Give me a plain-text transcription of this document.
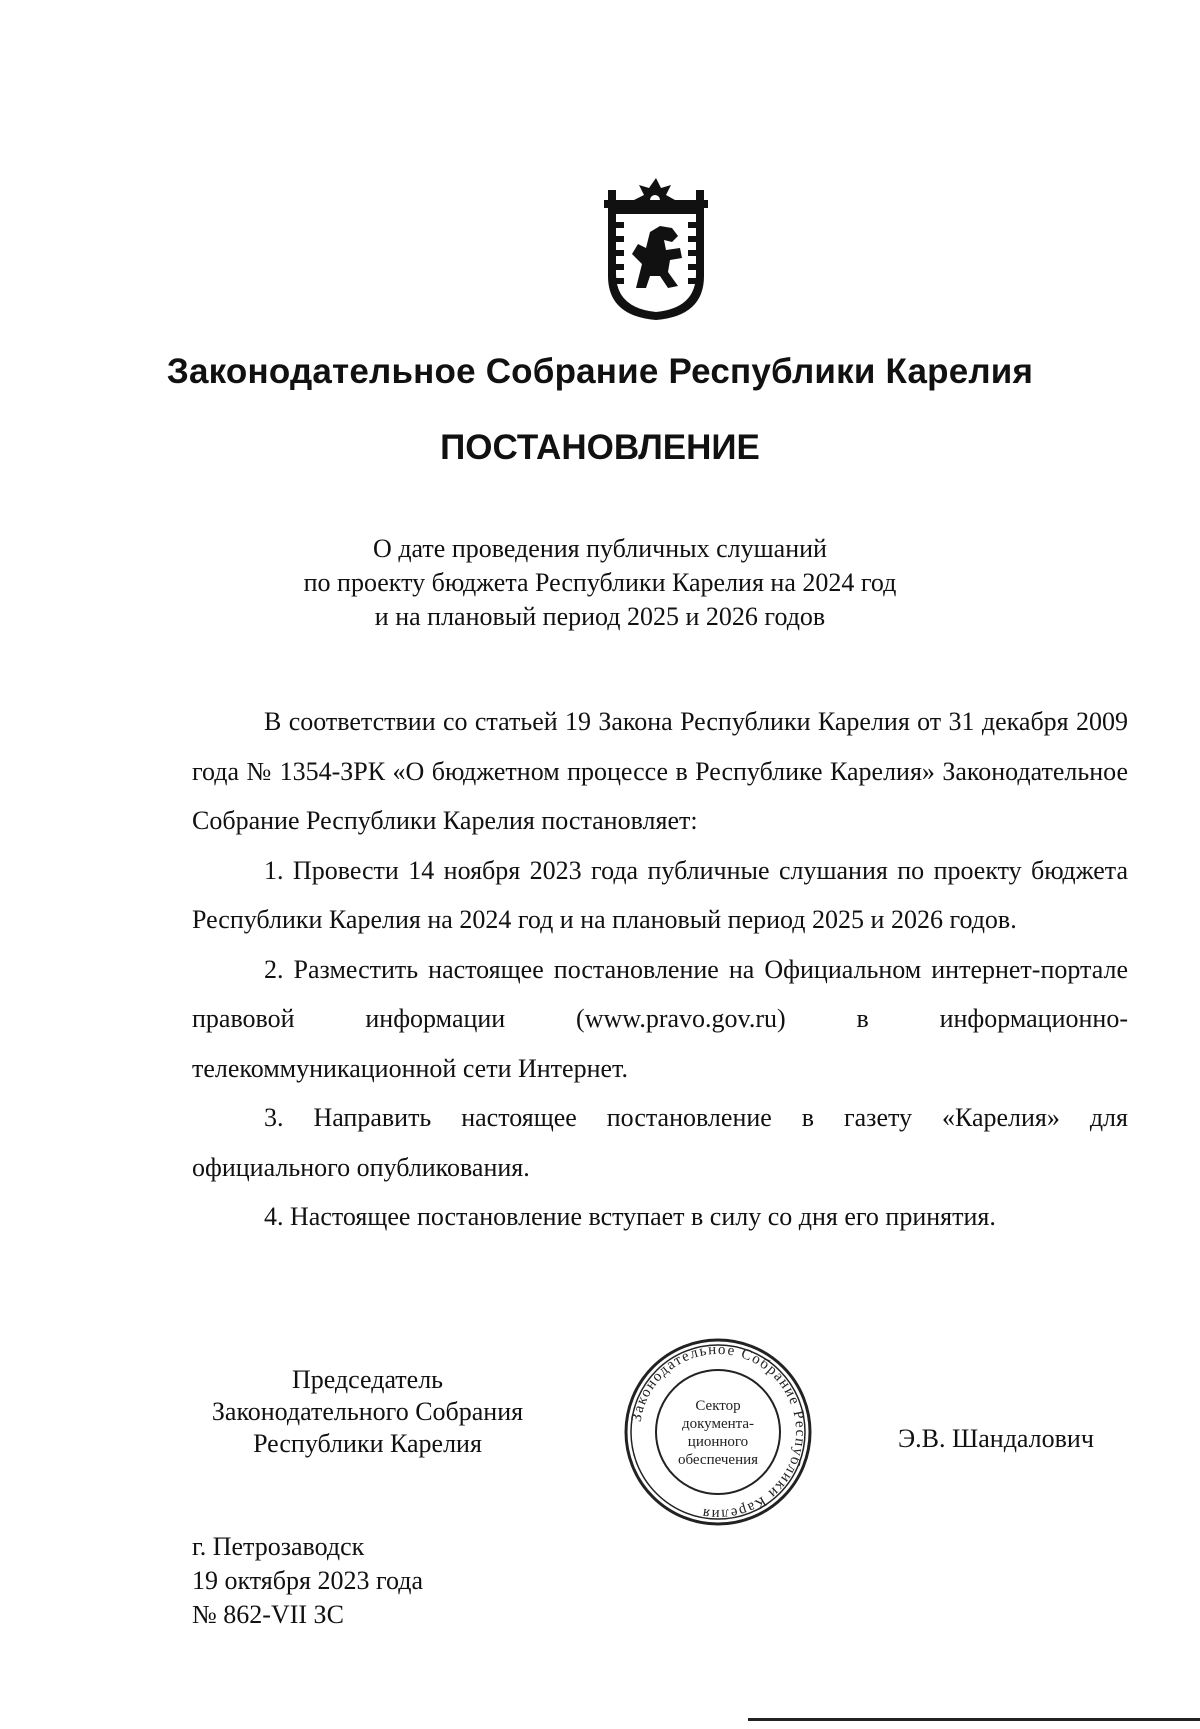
Законодательное Собрание Республики Карелия
ПОСТАНОВЛЕНИЕ
О дате проведения публичных слушаний
по проекту бюджета Республики Карелия на 2024 год
и на плановый период 2025 и 2026 годов

В соответствии со статьей 19 Закона Республики Карелия от 31 декабря 2009 года № 1354-ЗРК «О бюджетном процессе в Республике Карелия» Законодательное Собрание Республики Карелия постановляет:

1. Провести 14 ноября 2023 года публичные слушания по проекту бюджета Республики Карелия на 2024 год и на плановый период 2025 и 2026 годов.

2. Разместить настоящее постановление на Официальном интернет-портале правовой информации (www.pravo.gov.ru) в информационно-телекоммуникационной сети Интернет.

3. Направить настоящее постановление в газету «Карелия» для официального опубликования.

4. Настоящее постановление вступает в силу со дня его принятия.

Председатель
Законодательного Собрания
Республики Карелия
Законодательное Собрание Республики Карелия
Сектор
документа-
ционного
обеспечения
Э.В. Шандалович
г. Петрозаводск
19 октября 2023 года
№ 862-VII ЗС
